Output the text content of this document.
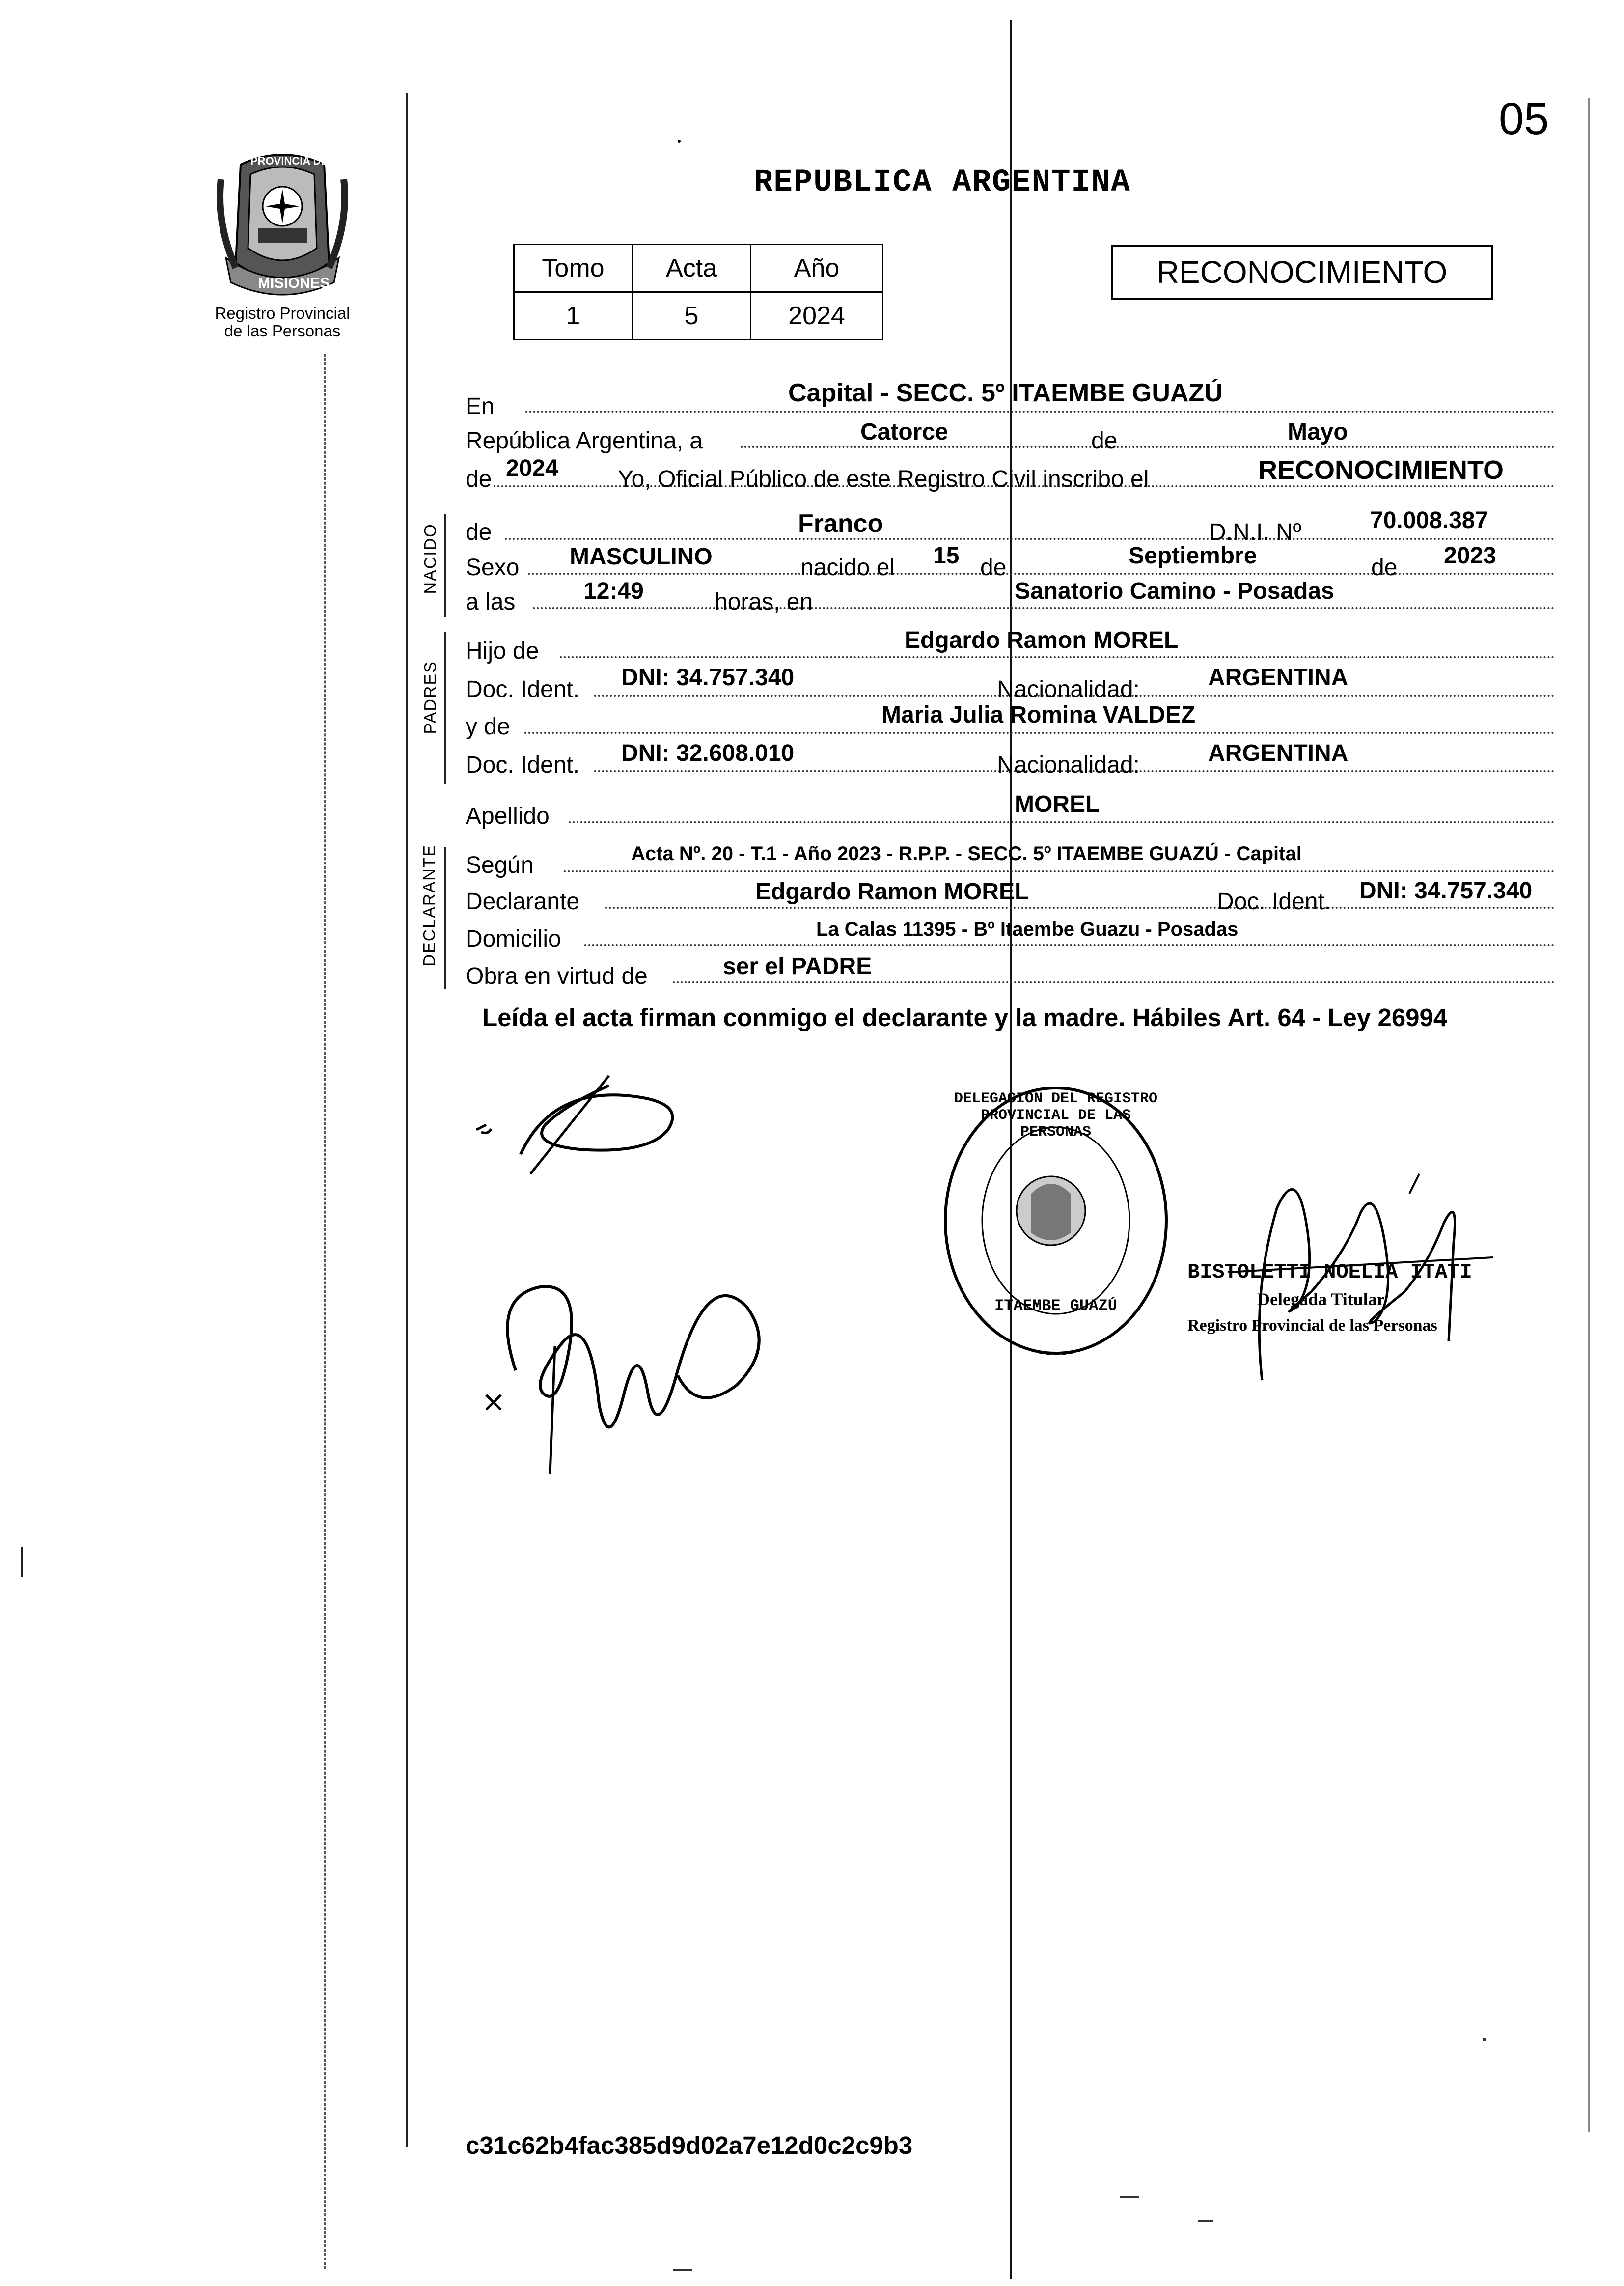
05
PROVINCIA DE
MISIONES
Registro Provincial
de las Personas
REPUBLICA ARGENTINA
Tomo	Acta	Año
1	5	2024
RECONOCIMIENTO
NACIDO
PADRES
DECLARANTE
En	Capital - SECC. 5º ITAEMBE GUAZÚ
República Argentina, a	Catorce	de	Mayo
de 2024	Yo, Oficial Público de este Registro Civil inscribo el	RECONOCIMIENTO
de	Franco	D.N.I. Nº	70.008.387
Sexo MASCULINO	nacido el 15 de	Septiembre	de 2023
a las	12:49	horas, en	Sanatorio Camino - Posadas
Hijo de	Edgardo Ramon MOREL
Doc. Ident. DNI: 34.757.340	Nacionalidad:	ARGENTINA
y de	Maria Julia Romina VALDEZ
Doc. Ident. DNI: 32.608.010	Nacionalidad:	ARGENTINA
Apellido	MOREL
Según	Acta Nº. 20 - T.1 - Año 2023 - R.P.P. - SECC. 5º ITAEMBE GUAZÚ - Capital
Declarante	Edgardo Ramon MOREL	Doc. Ident. DNI: 34.757.340
Domicilio	La Calas 11395 - Bº Itaembe Guazu - Posadas
Obra en virtud de	ser el PADRE
Leída el acta firman conmigo el declarante y la madre. Hábiles Art. 64 - Ley 26994
DELEGACION DEL REGISTRO PROVINCIAL DE LAS PERSONAS
ITAEMBE GUAZÚ
BISTOLETTI NOELIA ITATI
Delegada Titular
Registro Provincial de las Personas
c31c62b4fac385d9d02a7e12d0c2c9b3
